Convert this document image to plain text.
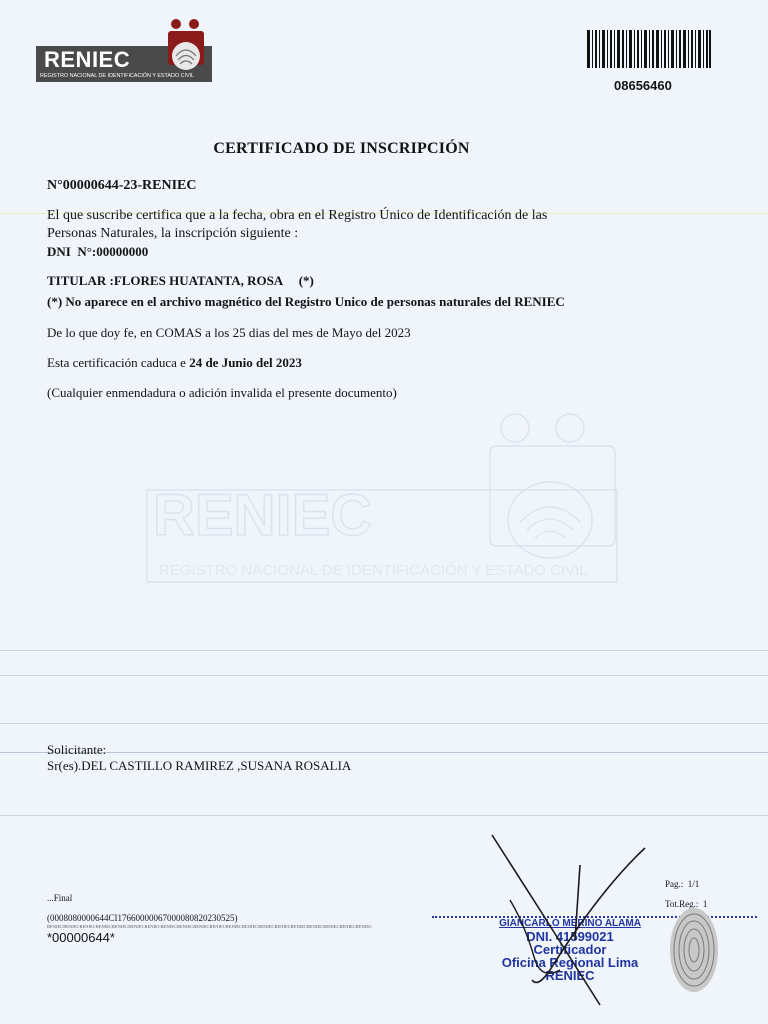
RENIEC
REGISTRO NACIONAL DE IDENTIFICACIÓN Y ESTADO CIVIL
08656460
RENIEC
REGISTRO NACIONAL DE IDENTIFICACIÓN Y ESTADO CIVIL
CERTIFICADO DE INSCRIPCIÓN
N°00000644-23-RENIEC
El que suscribe certifica que a la fecha, obra en el Registro Único de Identificación de las
Personas Naturales, la inscripción siguiente :
DNI  N°:00000000
TITULAR :FLORES HUATANTA, ROSA     (*)
(*) No aparece en el archivo magnético del Registro Unico de personas naturales del RENIEC
De lo que doy fe, en COMAS a los 25 dias del mes de Mayo del 2023
Esta certificación caduca e 24 de Junio del 2023
(Cualquier enmendadura o adición invalida el presente documento)
Solicitante:
Sr(es).DEL CASTILLO RAMIREZ ,SUSANA ROSALIA
...Final
(0008080000644CI17660000067000080820230525)
RENIECRENIECRENIECRENIECRENIECRENIECRENIECRENIECRENIECRENIECRENIECRENIECRENIECRENIECRENIECRENIECRENIECRENIECRENIECRENIEC
*00000644*
Pag.:  1/1
Tot.Reg.:  1
GIANCARLO MERINO ALAMA
DNI. 41599021
Certificador
Oficina Regional Lima
RENIEC
